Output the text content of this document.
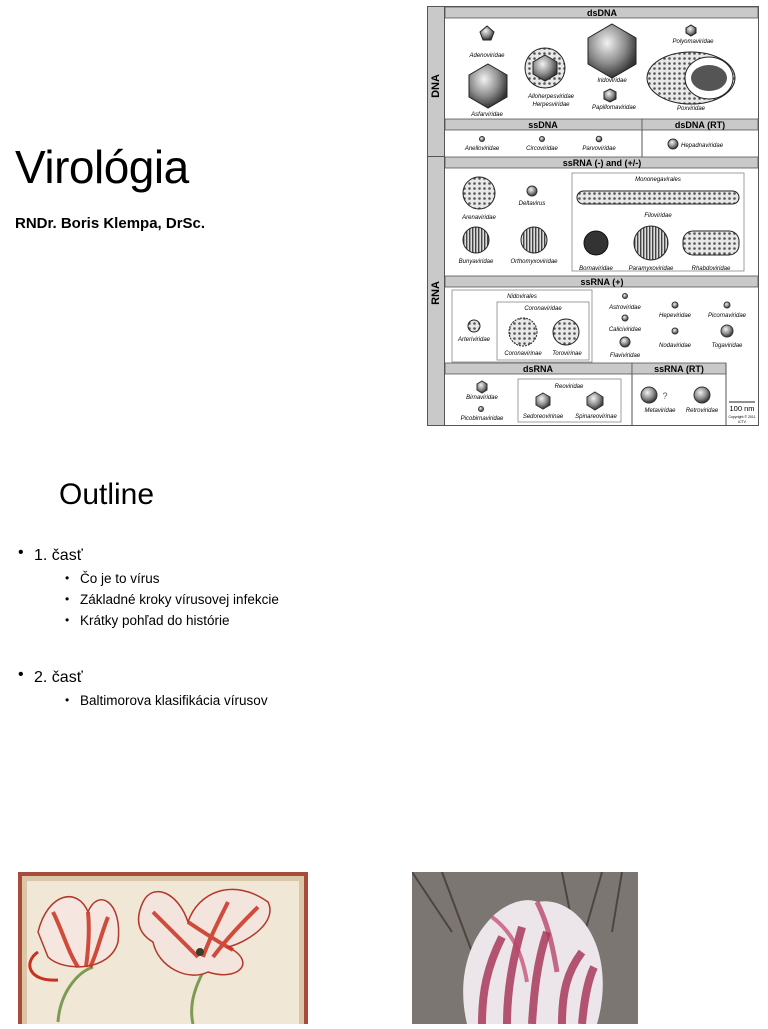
Virológia
RNDr. Boris Klempa, DrSc.
DNA
RNA
dsDNA
Adenoviridae
Asfarviridae
Alloherpesviridae
Herpesviridae
Iridoviridae
Papillomaviridae
Polyomaviridae
Poxviridae
ssDNA	dsDNA (RT)
Anelloviridae	Circoviridae	Parvoviridae	Hepadnaviridae
ssRNA (-) and (+/-)
Arenaviridae
Deltavirus
Mononegavirales
Filoviridae
Bunyaviridae	Orthomyxoviridae
Bornaviridae	Paramyxoviridae	Rhabdoviridae
ssRNA (+)
Nidovirales
Coronaviridae
Arteriviridae
Coronavirinae Torovirinae
Astroviridae
Caliciviridae
Flaviviridae
Hepeviridae	Picornaviridae
Nodaviridae	Togaviridae
dsRNA	ssRNA (RT)
Birnaviridae
Picobirnaviridae
Reoviridae
Sedoreovirinae Spinareovirinae
?
Metaviridae Retroviridae 100 nm
Copyright © 2011
ICTV
Outline
• 1. časť
• Čo je to vírus
• Základné kroky vírusovej infekcie
• Krátky pohľad do histórie
• 2. časť
• Baltimorova klasifikácia vírusov
